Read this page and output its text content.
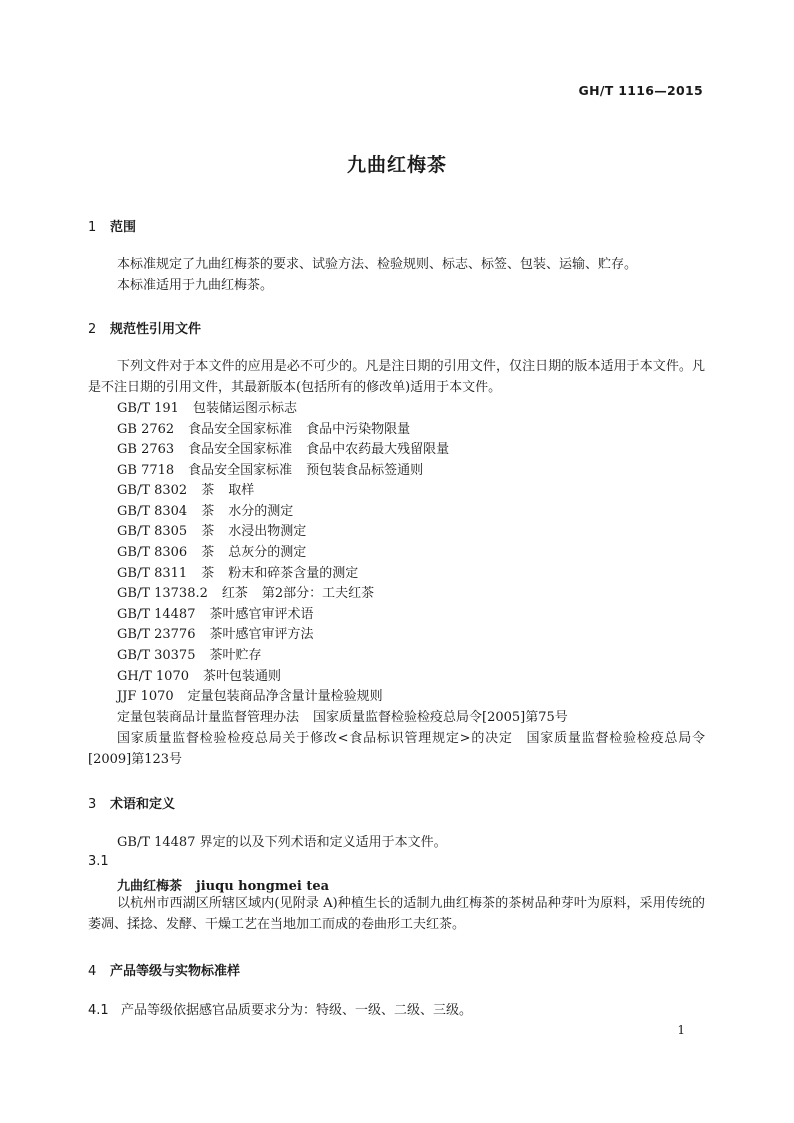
GH/T 1116—2015
九曲红梅茶
1 范围
本标准规定了九曲红梅茶的要求、试验方法、检验规则、标志、标签、包装、运输、贮存。
本标准适用于九曲红梅茶。
2 规范性引用文件
下列文件对于本文件的应用是必不可少的。凡是注日期的引用文件，仅注日期的版本适用于本文件。凡是不注日期的引用文件，其最新版本(包括所有的修改单)适用于本文件。
GB/T 191 包装储运图示标志
GB 2762 食品安全国家标准 食品中污染物限量
GB 2763 食品安全国家标准 食品中农药最大残留限量
GB 7718 食品安全国家标准 预包装食品标签通则
GB/T 8302 茶 取样
GB/T 8304 茶 水分的测定
GB/T 8305 茶 水浸出物测定
GB/T 8306 茶 总灰分的测定
GB/T 8311 茶 粉末和碎茶含量的测定
GB/T 13738.2 红茶 第2部分：工夫红茶
GB/T 14487 茶叶感官审评术语
GB/T 23776 茶叶感官审评方法
GB/T 30375 茶叶贮存
GH/T 1070 茶叶包装通则
JJF 1070 定量包装商品净含量计量检验规则
定量包装商品计量监督管理办法 国家质量监督检验检疫总局令[2005]第75号
国家质量监督检验检疫总局关于修改<食品标识管理规定>的决定　国家质量监督检验检疫总局令[2009]第123号
3 术语和定义
GB/T 14487 界定的以及下列术语和定义适用于本文件。
3.1
九曲红梅茶 jiuqu hongmei tea
以杭州市西湖区所辖区域内(见附录 A)种植生长的适制九曲红梅茶的茶树品种芽叶为原料，采用传统的萎凋、揉捻、发酵、干燥工艺在当地加工而成的卷曲形工夫红茶。
4 产品等级与实物标准样
4.1 产品等级依据感官品质要求分为：特级、一级、二级、三级。
1
